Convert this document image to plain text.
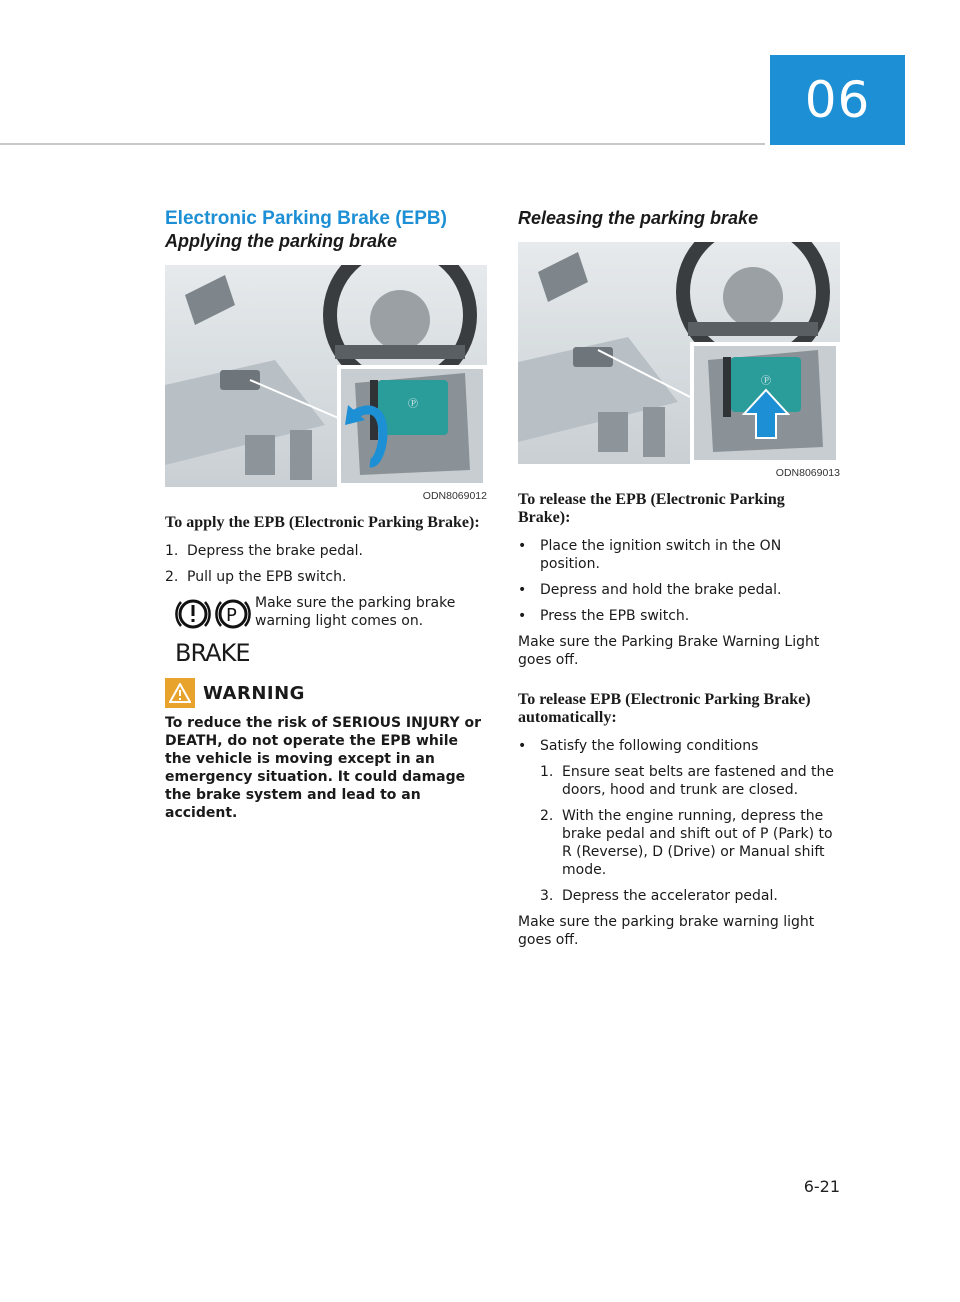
06
Electronic Parking Brake (EPB)
Applying the parking brake
Ⓟ
ODN8069012
To apply the EPB (Electronic Parking Brake):
1. Depress the brake pedal.
2. Pull up the EPB switch.
P
Make sure the parking brake warning light comes on.
BRAKE
WARNING
To reduce the risk of SERIOUS INJURY or DEATH, do not operate the EPB while the vehicle is moving except in an emergency situation. It could damage the brake system and lead to an accident.
Releasing the parking brake
Ⓟ
ODN8069013
To release the EPB (Electronic Parking Brake):
• Place the ignition switch in the ON position.
• Depress and hold the brake pedal.
• Press the EPB switch.
Make sure the Parking Brake Warning Light goes off.
To release EPB (Electronic Parking Brake) automatically:
• Satisfy the following conditions
1. Ensure seat belts are fastened and the doors, hood and trunk are closed.
2. With the engine running, depress the brake pedal and shift out of P (Park) to R (Reverse), D (Drive) or Manual shift mode.
3. Depress the accelerator pedal.
Make sure the parking brake warning light goes off.
6-21
